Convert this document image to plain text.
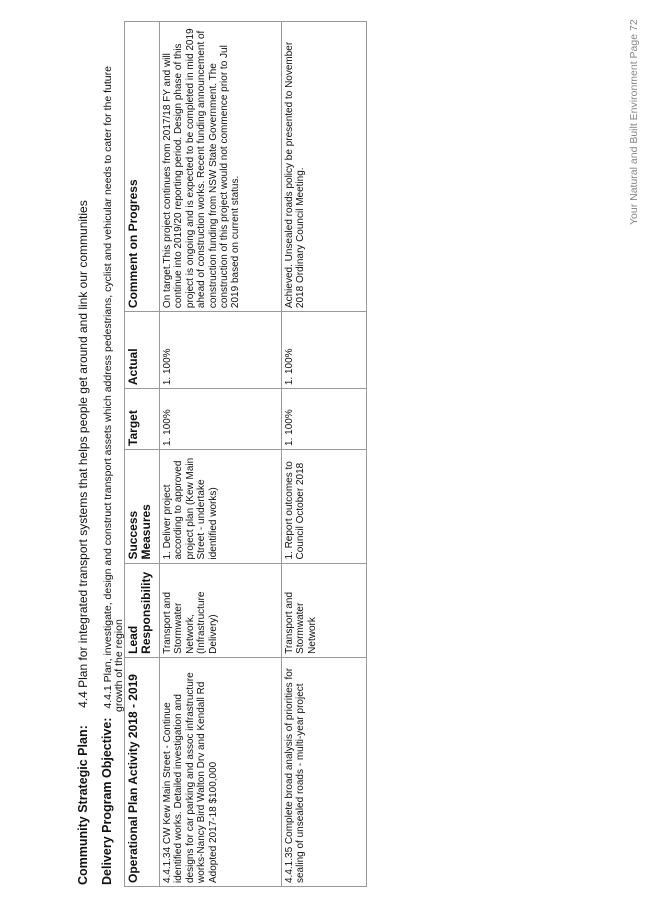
Your Natural and Built Environment Page 72
Community Strategic Plan: 4.4 Plan for integrated transport systems that helps people get around and link our communities
Delivery Program Objective: 4.4.1 Plan, investigate, design and construct transport assets which address pedestrians, cyclist and vehicular needs to cater for the future growth of the region
Operational Plan Activity 2018 - 2019	Lead Responsibility	Success Measures	Target	Actual	Comment on Progress
4.4.1.34 CW Kew Main Street - Continue identified works. Detailed investigation and designs for car parking and assoc infrastructure works-Nancy Bird Walton Drv and Kendall Rd Adopted 2017-18 $100,000	Transport and Stormwater Network, (Infrastructure Delivery)	1. Deliver project according to approved project plan (Kew Main Street - undertake identified works)	1. 100%	1. 100%	On target.This project continues from 2017/18 FY and will continue into 2019/20 reporting period. Design phase of this project is ongoing and is expected to be completed in mid 2019 ahead of construction works. Recent funding announcement of construction funding from NSW State Government. The construction of this project would not commence prior to Jul 2019 based on current status.
4.4.1.35 Complete broad analysis of priorities for sealing of unsealed roads - multi-year project	Transport and Stormwater Network	1. Report outcomes to Council October 2018	1. 100%	1. 100%	Achieved. Unsealed roads policy be presented to November 2018 Ordinary Council Meeting.
